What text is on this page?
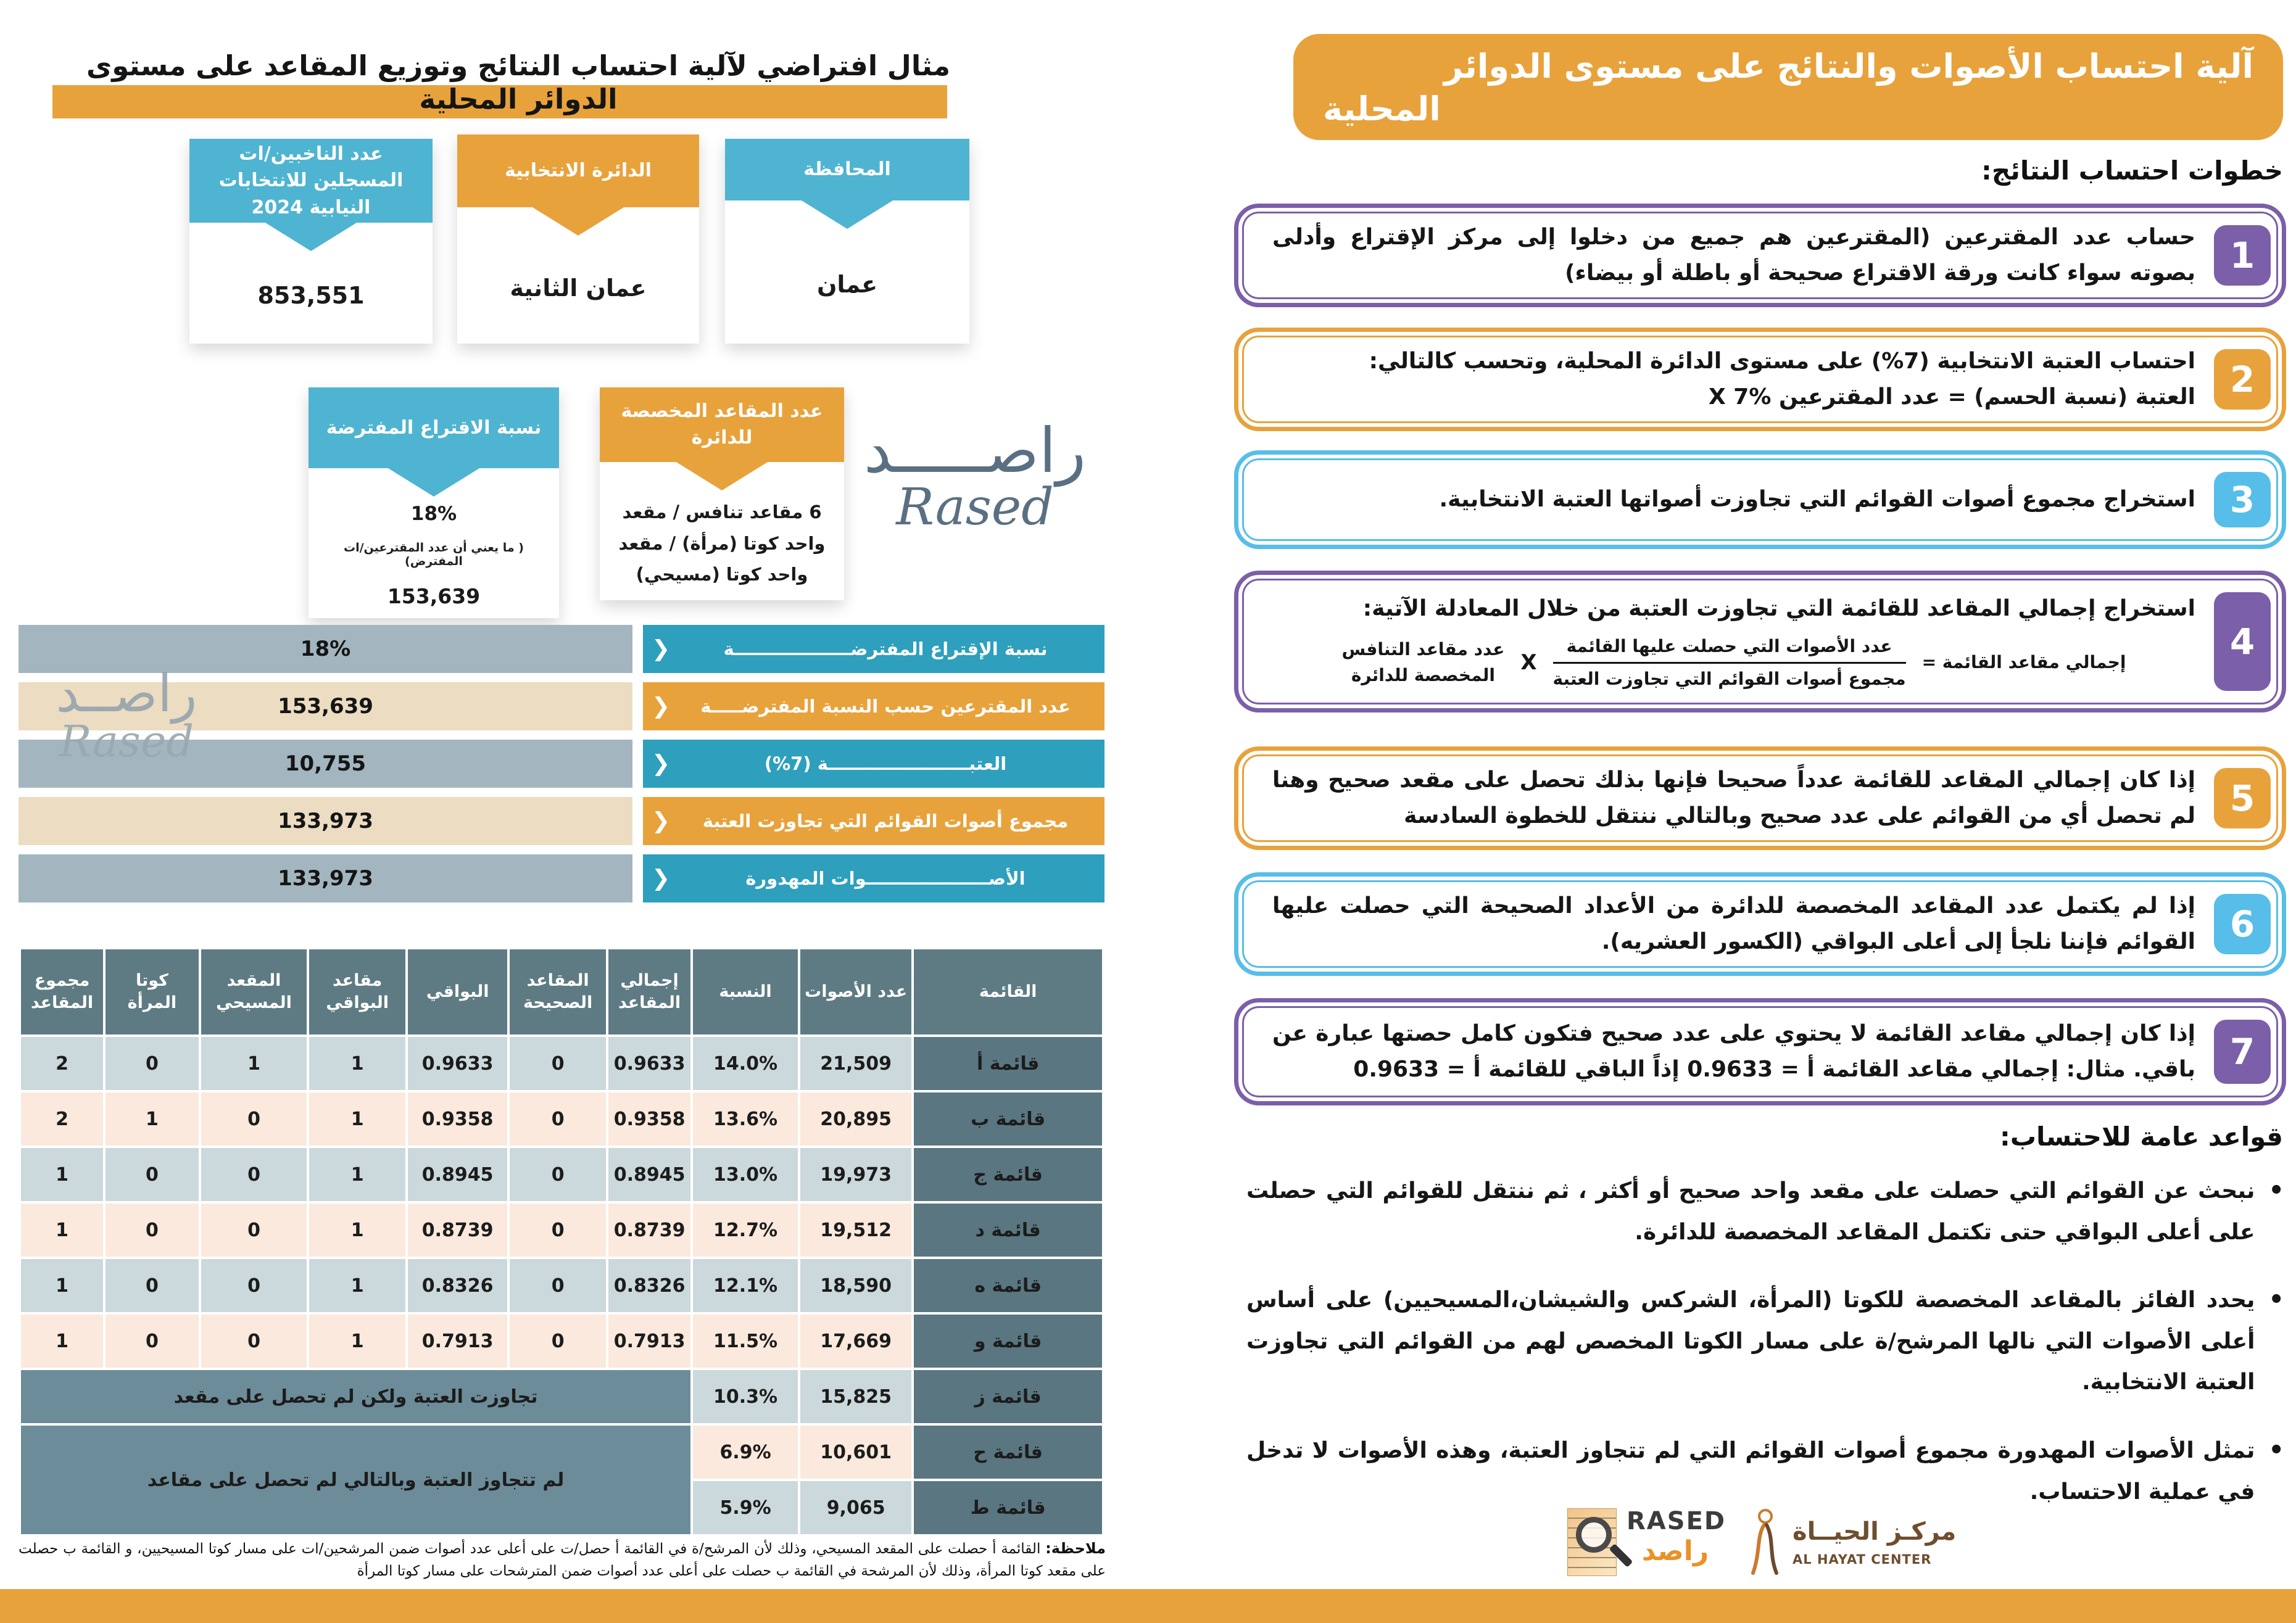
مثال افتراضي لآلية احتساب النتائج وتوزيع المقاعد على مستوى الدوائر المحلية
المحافظة
عمان
الدائرة الانتخابية
عمان الثانية
عدد الناخبين/ات المسجلين للانتخابات النيابية 2024
853,551
نسبة الاقتراع المفترضة
18%
( ما يعني أن عدد المقترعين/ات المفترض)
153,639
عدد المقاعد المخصصة للدائرة
6 مقاعد تنافس / مقعد واحد كوتا (مرأة) / مقعد واحد كوتا (مسيحي)
راصـــــد
Rased
18%	❮	نسبة الإقتراع المفترضـــــــــــــــــــة
153,639	❮ عدد المقترعين حسب النسبة المفترضـــــة
10,755	❮	العتبـــــــــــــــــــــــة (7%)
133,973	❮ مجموع أصوات القوائم التي تجاوزت العتبة
133,973	❮	الأصــــــــــــــــــــوات المهدورة
راصــد
Rased
القائمة	عدد الأصوات	النسبة	إجمالي المقاعد	المقاعد الصحيحة	البواقي	مقاعد البواقي	المقعد المسيحي	كوتا المرأة	مجموع المقاعد
قائمة أ	21,509	14.0%	0.9633	0	0.9633	1	1	0	2
قائمة ب	20,895	13.6%	0.9358	0	0.9358	1	0	1	2
قائمة ج	19,973	13.0%	0.8945	0	0.8945	1	0	0	1
قائمة د	19,512	12.7%	0.8739	0	0.8739	1	0	0	1
قائمة ه	18,590	12.1%	0.8326	0	0.8326	1	0	0	1
قائمة و	17,669	11.5%	0.7913	0	0.7913	1	0	0	1
قائمة ز	15,825	10.3%	تجاوزت العتبة ولكن لم تحصل على مقعد						
قائمة ح	10,601	6.9%	لم تتجاوز العتبة وبالتالي لم تحصل على مقاعد						
قائمة ط	9,065	5.9%							
ملاحظة: القائمة أ حصلت على المقعد المسيحي، وذلك لأن المرشح/ة في القائمة أ حصل/ت على أعلى عدد أصوات ضمن المرشحين/ات على مسار كوتا المسيحيين، و القائمة ب حصلت على مقعد كوتا المرأة، وذلك لأن المرشحة في القائمة ب حصلت على أعلى عدد أصوات ضمن المترشحات على مسار كوتا المرأة
آلية احتساب الأصوات والنتائج على مستوى الدوائر
المحلية
خطوات احتساب النتائج:
حساب عدد المقترعين (المقترعين هم جميع من دخلوا إلى مركز الإقتراع وأدلى بصوته سواء كانت ورقة الاقتراع صحيحة أو باطلة أو بيضاء) 1
احتساب العتبة الانتخابية (7%) على مستوى الدائرة المحلية، وتحسب كالتالي:
العتبة (نسبة الحسم) = عدد المقترعين X 7% 2
استخراج مجموع أصوات القوائم التي تجاوزت أصواتها العتبة الانتخابية. 3
استخراج إجمالي المقاعد للقائمة التي تجاوزت العتبة من خلال المعادلة الآتية:
إجمالي مقاعد القائمة =
$\frac{\text{عدد الأصوات التي حصلت عليها القائمة}}{\text{مجموع أصوات القوائم التي تجاوزت العتبة}}$
X
عدد مقاعد التنافس
المخصصة للدائرة
4
إذا كان إجمالي المقاعد للقائمة عدداً صحيحا فإنها بذلك تحصل على مقعد صحيح وهنا لم تحصل أي من القوائم على عدد صحيح وبالتالي ننتقل للخطوة السادسة 5
إذا لم يكتمل عدد المقاعد المخصصة للدائرة من الأعداد الصحيحة التي حصلت عليها القوائم فإننا نلجأ إلى أعلى البواقي (الكسور العشريه). 6
إذا كان إجمالي مقاعد القائمة لا يحتوي على عدد صحيح فتكون كامل حصتها عبارة عن باقي. مثال: إجمالي مقاعد القائمة أ = 0.9633 إذاً الباقي للقائمة أ = 0.9633 7
قواعد عامة للاحتساب:
•
نبحث عن القوائم التي حصلت على مقعد واحد صحيح أو أكثر ، ثم ننتقل للقوائم التي حصلت على أعلى البواقي حتى تكتمل المقاعد المخصصة للدائرة.
•
يحدد الفائز بالمقاعد المخصصة للكوتا (المرأة، الشركس والشيشان،المسيحيين) على أساس أعلى الأصوات التي نالها المرشح/ة على مسار الكوتا المخصص لهم من القوائم التي تجاوزت العتبة الانتخابية.
•
تمثل الأصوات المهدورة مجموع أصوات القوائم التي لم تتجاوز العتبة، وهذه الأصوات لا تدخل في عملية الاحتساب.
RASED
راصد
مركـز الحيــاة
AL HAYAT CENTER
